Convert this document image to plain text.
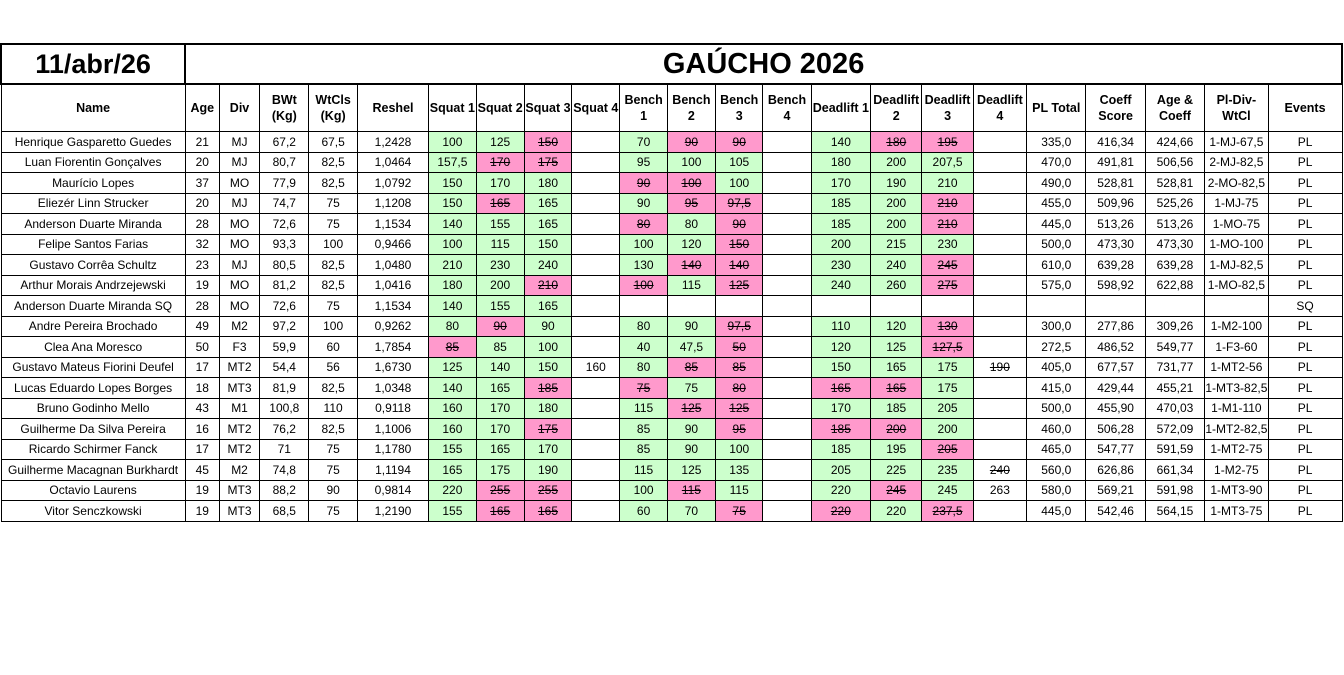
11/abr/26	GAÚCHO 2026																					
Name	Age	Div	BWt (Kg)	WtCls (Kg)	Reshel	Squat 1	Squat 2	Squat 3	Squat 4	Bench 1	Bench 2	Bench 3	Bench 4	Deadlift 1	Deadlift 2	Deadlift 3	Deadlift 4	PL Total	Coeff Score	Age & Coeff	Pl-Div-WtCl	Events
Henrique Gasparetto Guedes	21	MJ	67,2	67,5	1,2428	100	125	150		70	90	90		140	180	195		335,0	416,34	424,66	1-MJ-67,5	PL
Luan Fiorentin Gonçalves	20	MJ	80,7	82,5	1,0464	157,5	170	175		95	100	105		180	200	207,5		470,0	491,81	506,56	2-MJ-82,5	PL
Maurício Lopes	37	MO	77,9	82,5	1,0792	150	170	180		90	100	100		170	190	210		490,0	528,81	528,81	2-MO-82,5	PL
Eliezér Linn Strucker	20	MJ	74,7	75	1,1208	150	165	165		90	95	97,5		185	200	210		455,0	509,96	525,26	1-MJ-75	PL
Anderson Duarte Miranda	28	MO	72,6	75	1,1534	140	155	165		80	80	90		185	200	210		445,0	513,26	513,26	1-MO-75	PL
Felipe Santos Farias	32	MO	93,3	100	0,9466	100	115	150		100	120	150		200	215	230		500,0	473,30	473,30	1-MO-100	PL
Gustavo Corrêa Schultz	23	MJ	80,5	82,5	1,0480	210	230	240		130	140	140		230	240	245		610,0	639,28	639,28	1-MJ-82,5	PL
Arthur Morais Andrzejewski	19	MO	81,2	82,5	1,0416	180	200	210		100	115	125		240	260	275		575,0	598,92	622,88	1-MO-82,5	PL
Anderson Duarte Miranda SQ	28	MO	72,6	75	1,1534	140	155	165														SQ
Andre Pereira Brochado	49	M2	97,2	100	0,9262	80	90	90		80	90	97,5		110	120	130		300,0	277,86	309,26	1-M2-100	PL
Clea Ana Moresco	50	F3	59,9	60	1,7854	85	85	100		40	47,5	50		120	125	127,5		272,5	486,52	549,77	1-F3-60	PL
Gustavo Mateus Fiorini Deufel	17	MT2	54,4	56	1,6730	125	140	150	160	80	85	85		150	165	175	190	405,0	677,57	731,77	1-MT2-56	PL
Lucas Eduardo Lopes Borges	18	MT3	81,9	82,5	1,0348	140	165	185		75	75	80		165	165	175		415,0	429,44	455,21	1-MT3-82,5	PL
Bruno Godinho Mello	43	M1	100,8	110	0,9118	160	170	180		115	125	125		170	185	205		500,0	455,90	470,03	1-M1-110	PL
Guilherme Da Silva Pereira	16	MT2	76,2	82,5	1,1006	160	170	175		85	90	95		185	200	200		460,0	506,28	572,09	1-MT2-82,5	PL
Ricardo Schirmer Fanck	17	MT2	71	75	1,1780	155	165	170		85	90	100		185	195	205		465,0	547,77	591,59	1-MT2-75	PL
Guilherme Macagnan Burkhardt	45	M2	74,8	75	1,1194	165	175	190		115	125	135		205	225	235	240	560,0	626,86	661,34	1-M2-75	PL
Octavio Laurens	19	MT3	88,2	90	0,9814	220	255	255		100	115	115		220	245	245	263	580,0	569,21	591,98	1-MT3-90	PL
Vitor Senczkowski	19	MT3	68,5	75	1,2190	155	165	165		60	70	75		220	220	237,5		445,0	542,46	564,15	1-MT3-75	PL
